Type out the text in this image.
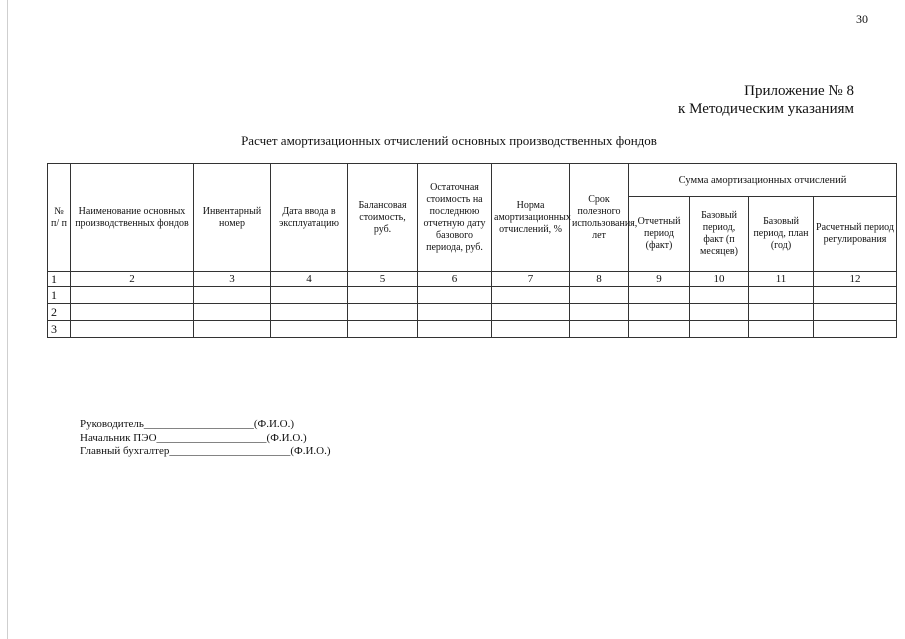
30
Приложение № 8
к Методическим указаниям
Расчет амортизационных отчислений основных производственных фондов
№ п/ п	Наименование основных производственных фондов	Инвентарный номер	Дата ввода в эксплуатацию	Балансовая стоимость, руб.	Остаточная стоимость на последнюю отчетную дату базового периода, руб.	Норма амортизационных отчислений, %	Срок полезного использования, лет	Сумма амортизационных отчислений			
								Отчетный период (факт)	Базовый период, факт (п месяцев)	Базовый период, план (год)	Расчетный период регулирования
1	2	3	4	5	6	7	8	9	10	11	12
1											
2											
3											
Руководитель____________________(Ф.И.О.)
Начальник ПЭО____________________(Ф.И.О.)
Главный бухгалтер______________________(Ф.И.О.)
